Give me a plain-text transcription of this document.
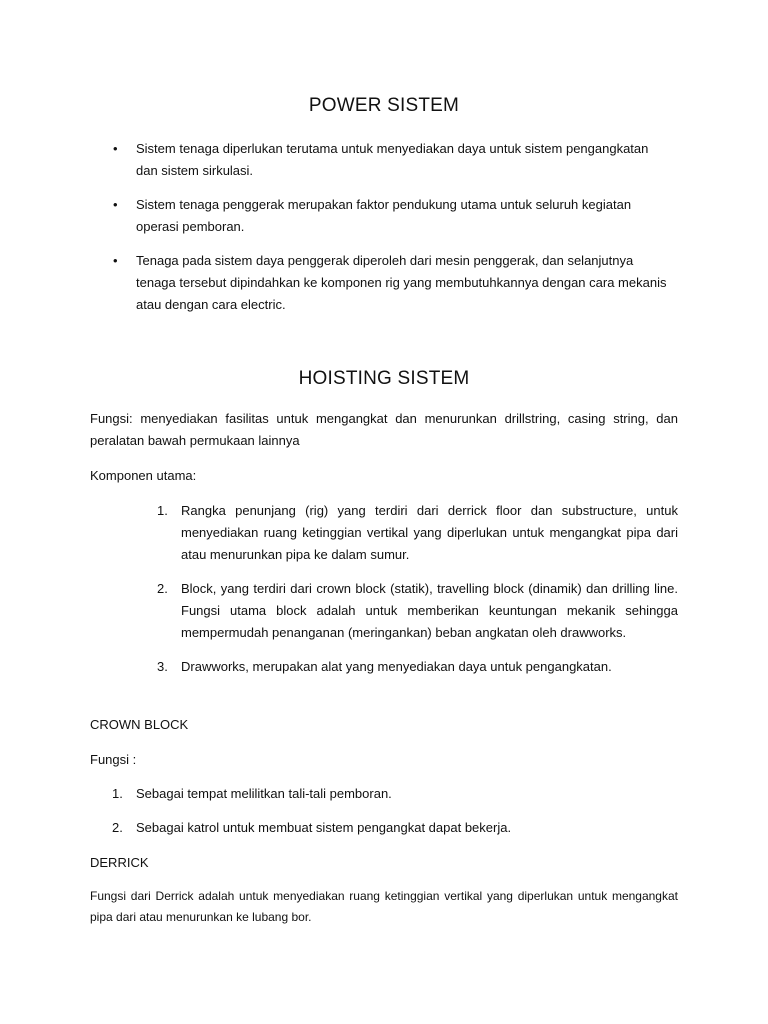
POWER SISTEM
• Sistem tenaga diperlukan terutama untuk menyediakan daya untuk sistem pengangkatan dan sistem sirkulasi.
• Sistem tenaga penggerak merupakan faktor pendukung utama untuk seluruh kegiatan operasi pemboran.
• Tenaga pada sistem daya penggerak diperoleh dari mesin penggerak, dan selanjutnya tenaga tersebut dipindahkan ke komponen rig yang membutuhkannya dengan cara mekanis atau dengan cara electric.
HOISTING SISTEM

Fungsi: menyediakan fasilitas untuk mengangkat dan menurunkan drillstring, casing string, dan peralatan bawah permukaan lainnya

Komponen utama:

1. Rangka penunjang (rig) yang terdiri dari derrick floor dan substructure, untuk menyediakan ruang ketinggian vertikal yang diperlukan untuk mengangkat pipa dari atau menurunkan pipa ke dalam sumur.
2. Block, yang terdiri dari crown block (statik), travelling block (dinamik) dan drilling line. Fungsi utama block adalah untuk memberikan keuntungan mekanik sehingga mempermudah penanganan (meringankan) beban angkatan oleh drawworks.
3. Drawworks, merupakan alat yang menyediakan daya untuk pengangkatan.

CROWN BLOCK

Fungsi :

1. Sebagai tempat melilitkan tali-tali pemboran.
2. Sebagai katrol untuk membuat sistem pengangkat dapat bekerja.

DERRICK

Fungsi dari Derrick adalah untuk menyediakan ruang ketinggian vertikal yang diperlukan untuk mengangkat pipa dari atau menurunkan ke lubang bor.
